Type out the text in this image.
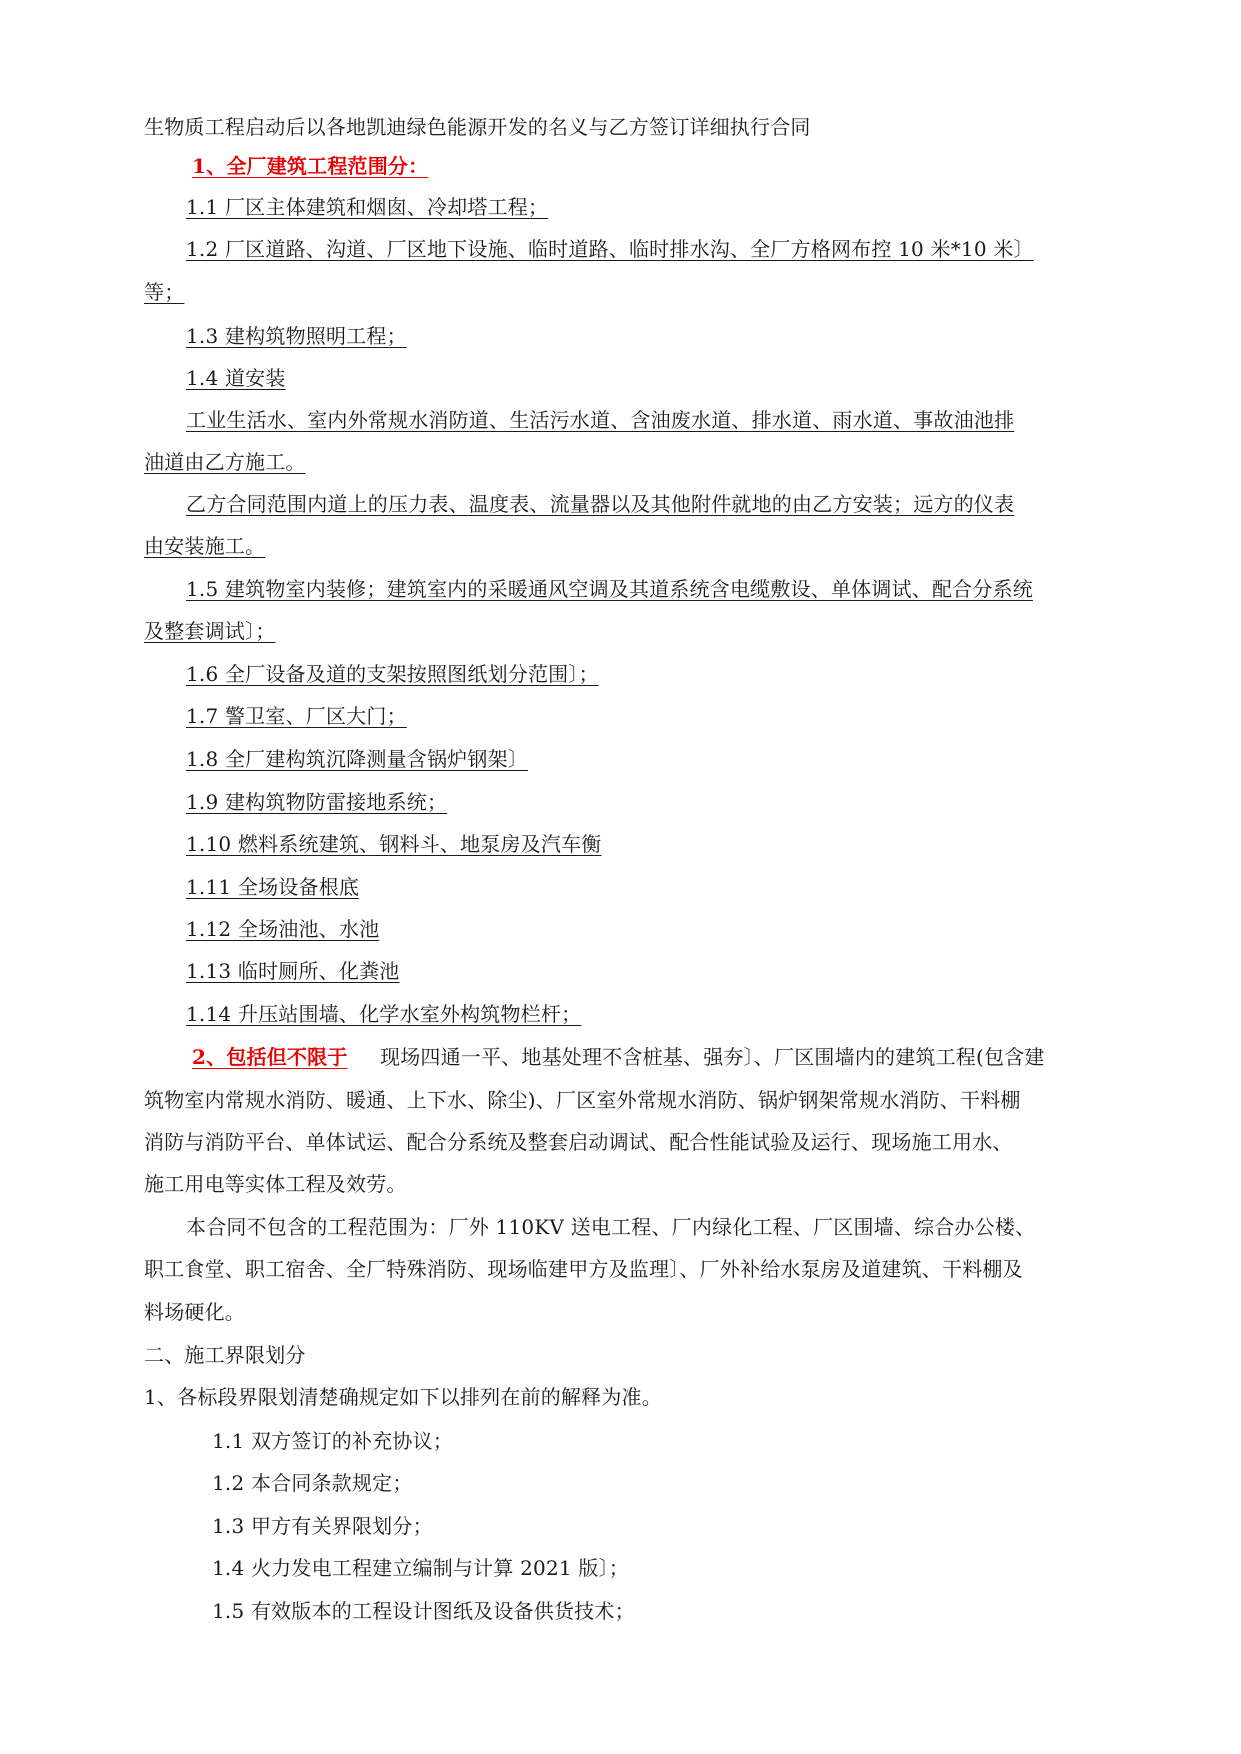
生物质工程启动后以各地凯迪绿色能源开发的名义与乙方签订详细执行合同
1、全厂建筑工程范围分：
1.1 厂区主体建筑和烟囱、冷却塔工程；
1.2 厂区道路、沟道、厂区地下设施、临时道路、临时排水沟、全厂方格网布控 10 米*10 米〕
等；
1.3 建构筑物照明工程；
1.4 道安装
工业生活水、室内外常规水消防道、生活污水道、含油废水道、排水道、雨水道、事故油池排
油道由乙方施工。
乙方合同范围内道上的压力表、温度表、流量器以及其他附件就地的由乙方安装；远方的仪表
由安装施工。
1.5 建筑物室内装修；建筑室内的采暖通风空调及其道系统含电缆敷设、单体调试、配合分系统
及整套调试〕；
1.6 全厂设备及道的支架按照图纸划分范围〕；
1.7 警卫室、厂区大门；
1.8 全厂建构筑沉降测量含锅炉钢架〕
1.9 建构筑物防雷接地系统；
1.10 燃料系统建筑、钢料斗、地泵房及汽车衡
1.11 全场设备根底
1.12 全场油池、水池
1.13 临时厕所、化粪池
1.14 升压站围墙、化学水室外构筑物栏杆；
2、包括但不限于 现场四通一平、地基处理不含桩基、强夯〕、厂区围墙内的建筑工程(包含建
筑物室内常规水消防、暖通、上下水、除尘)、厂区室外常规水消防、锅炉钢架常规水消防、干料棚
消防与消防平台、单体试运、配合分系统及整套启动调试、配合性能试验及运行、现场施工用水、
施工用电等实体工程及效劳。
本合同不包含的工程范围为：厂外 110KV 送电工程、厂内绿化工程、厂区围墙、综合办公楼、
职工食堂、职工宿舍、全厂特殊消防、现场临建甲方及监理〕、厂外补给水泵房及道建筑、干料棚及
料场硬化。
二、施工界限划分
1、各标段界限划清楚确规定如下以排列在前的解释为准。
1.1 双方签订的补充协议；
1.2 本合同条款规定；
1.3 甲方有关界限划分；
1.4 火力发电工程建立编制与计算 2021 版〕；
1.5 有效版本的工程设计图纸及设备供货技术；
